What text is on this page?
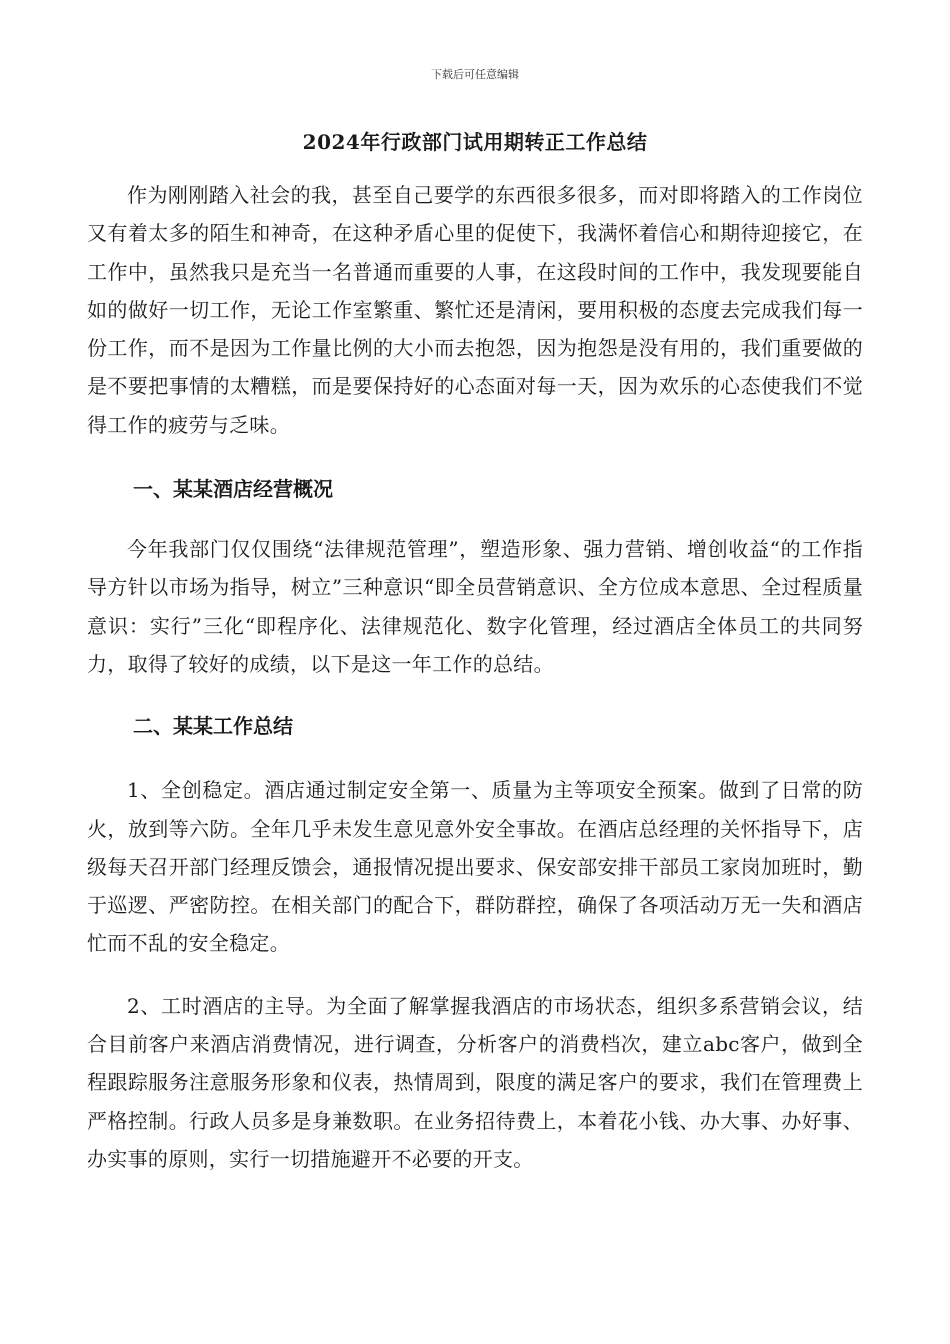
下载后可任意编辑
2024年行政部门试用期转正工作总结

作为刚刚踏入社会的我，甚至自己要学的东西很多很多，而对即将踏入的工作岗位又有着太多的陌生和神奇，在这种矛盾心里的促使下，我满怀着信心和期待迎接它，在工作中，虽然我只是充当一名普通而重要的人事，在这段时间的工作中，我发现要能自如的做好一切工作，无论工作室繁重、繁忙还是清闲，要用积极的态度去完成我们每一份工作，而不是因为工作量比例的大小而去抱怨，因为抱怨是没有用的，我们重要做的是不要把事情的太糟糕，而是要保持好的心态面对每一天，因为欢乐的心态使我们不觉得工作的疲劳与乏味。

一、某某酒店经营概况

今年我部门仅仅围绕“法律规范管理”，塑造形象、强力营销、增创收益“的工作指导方针以市场为指导，树立”三种意识“即全员营销意识、全方位成本意思、全过程质量意识：实行”三化“即程序化、法律规范化、数字化管理，经过酒店全体员工的共同努力，取得了较好的成绩，以下是这一年工作的总结。

二、某某工作总结

1、全创稳定。酒店通过制定安全第一、质量为主等项安全预案。做到了日常的防火，放到等六防。全年几乎未发生意见意外安全事故。在酒店总经理的关怀指导下，店级每天召开部门经理反馈会，通报情况提出要求、保安部安排干部员工家岗加班时，勤于巡逻、严密防控。在相关部门的配合下，群防群控，确保了各项活动万无一失和酒店忙而不乱的安全稳定。

2、工时酒店的主导。为全面了解掌握我酒店的市场状态，组织多系营销会议，结合目前客户来酒店消费情况，进行调查，分析客户的消费档次，建立abc客户，做到全程跟踪服务注意服务形象和仪表，热情周到，限度的满足客户的要求，我们在管理费上严格控制。行政人员多是身兼数职。在业务招待费上，本着花小钱、办大事、办好事、办实事的原则，实行一切措施避开不必要的开支。
